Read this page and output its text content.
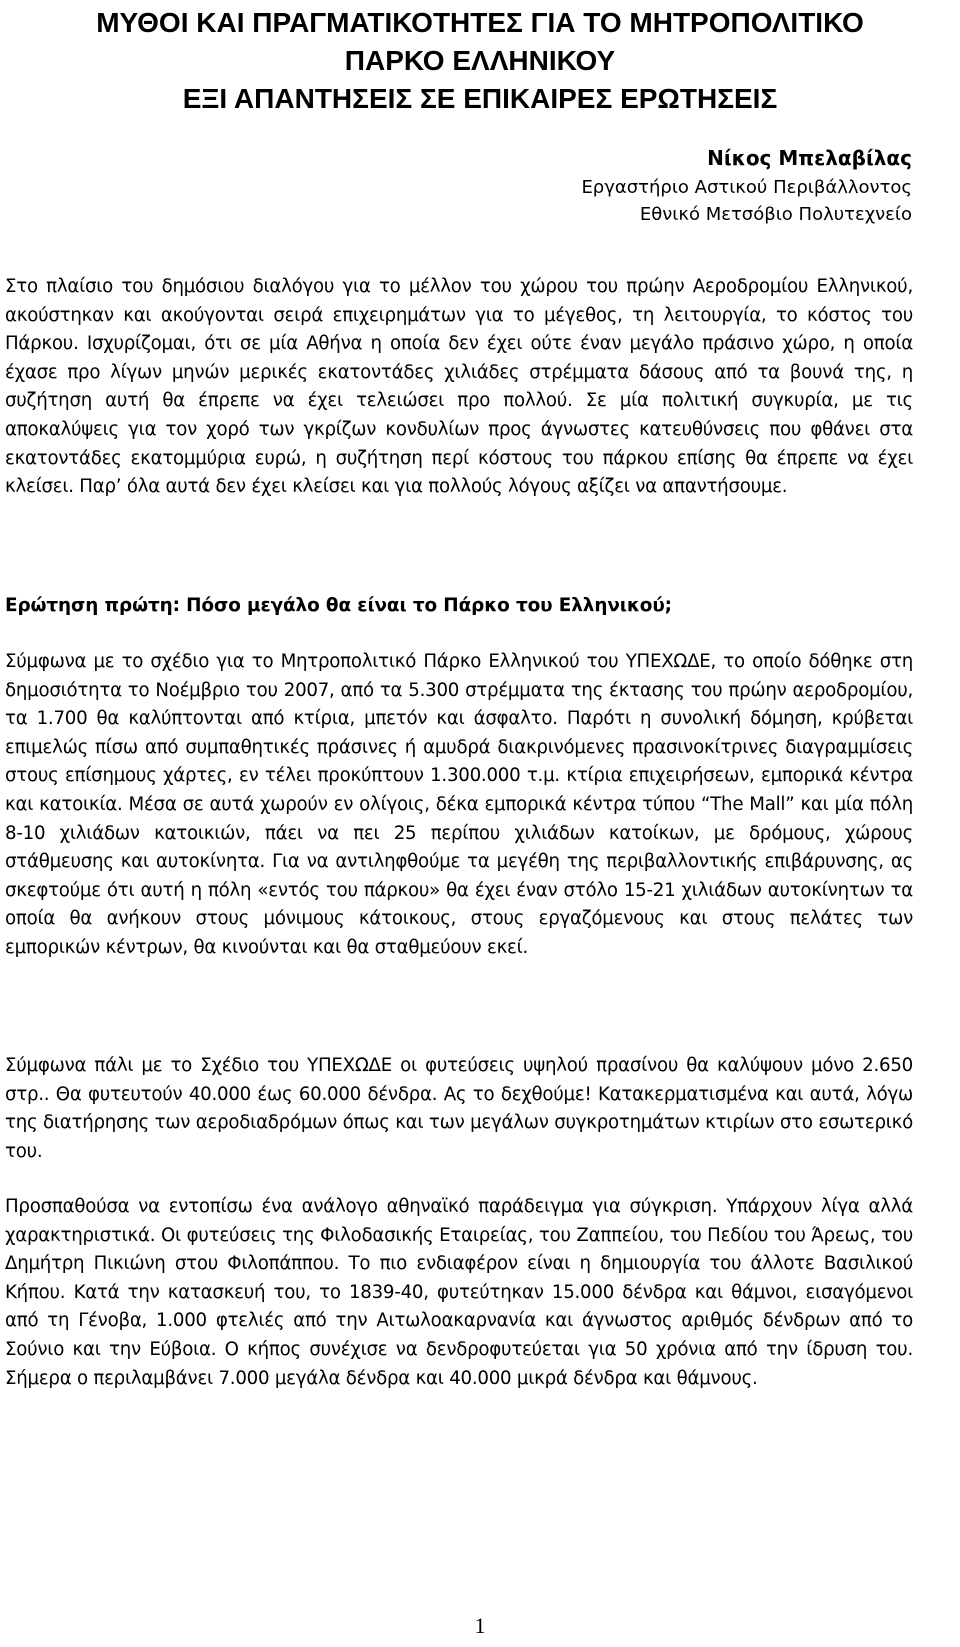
ΜΥΘΟΙ ΚΑΙ ΠΡΑΓΜΑΤΙΚΟΤΗΤΕΣ ΓΙΑ ΤΟ ΜΗΤΡΟΠΟΛΙΤΙΚΟ
ΠΑΡΚΟ ΕΛΛΗΝΙΚΟΥ
ΕΞΙ ΑΠΑΝΤΗΣΕΙΣ ΣΕ ΕΠΙΚΑΙΡΕΣ ΕΡΩΤΗΣΕΙΣ
Νίκος Μπελαβίλας
Εργαστήριο Αστικού Περιβάλλοντος
Εθνικό Μετσόβιο Πολυτεχνείο

Στο πλαίσιο του δημόσιου διαλόγου για το μέλλον του χώρου του πρώην Αεροδρομίου Ελληνικού, ακούστηκαν και ακούγονται σειρά επιχειρημάτων για το μέγεθος, τη λειτουργία, το κόστος του Πάρκου. Ισχυρίζομαι, ότι σε μία Αθήνα η οποία δεν έχει ούτε έναν μεγάλο πράσινο χώρο, η οποία έχασε προ λίγων μηνών μερικές εκατοντάδες χιλιάδες στρέμματα δάσους από τα βουνά της, η συζήτηση αυτή θα έπρεπε να έχει τελειώσει προ πολλού. Σε μία πολιτική συγκυρία, με τις αποκαλύψεις για τον χορό των γκρίζων κονδυλίων προς άγνωστες κατευθύνσεις που φθάνει στα εκατοντάδες εκατομμύρια ευρώ, η συζήτηση περί κόστους του πάρκου επίσης θα έπρεπε να έχει κλείσει. Παρ’ όλα αυτά δεν έχει κλείσει και για πολλούς λόγους αξίζει να απαντήσουμε.

Ερώτηση πρώτη: Πόσο μεγάλο θα είναι το Πάρκο του Ελληνικού;

Σύμφωνα με το σχέδιο για το Μητροπολιτικό Πάρκο Ελληνικού του ΥΠΕΧΩΔΕ, το οποίο δόθηκε στη δημοσιότητα το Νοέμβριο του 2007, από τα 5.300 στρέμματα της έκτασης του πρώην αεροδρομίου, τα 1.700 θα καλύπτονται από κτίρια, μπετόν και άσφαλτο. Παρότι η συνολική δόμηση, κρύβεται επιμελώς πίσω από συμπαθητικές πράσινες ή αμυδρά διακρινόμενες πρασινοκίτρινες διαγραμμίσεις στους επίσημους χάρτες, εν τέλει προκύπτουν 1.300.000 τ.μ. κτίρια επιχειρήσεων, εμπορικά κέντρα και κατοικία. Μέσα σε αυτά χωρούν εν ολίγοις, δέκα εμπορικά κέντρα τύπου “The Mall” και μία πόλη 8-10 χιλιάδων κατοικιών, πάει να πει 25 περίπου χιλιάδων κατοίκων, με δρόμους, χώρους στάθμευσης και αυτοκίνητα. Για να αντιληφθούμε τα μεγέθη της περιβαλλοντικής επιβάρυνσης, ας σκεφτούμε ότι αυτή η πόλη «εντός του πάρκου» θα έχει έναν στόλο 15-21 χιλιάδων αυτοκίνητων τα οποία θα ανήκουν στους μόνιμους κάτοικους, στους εργαζόμενους και στους πελάτες των εμπορικών κέντρων, θα κινούνται και θα σταθμεύουν εκεί.

Σύμφωνα πάλι με το Σχέδιο του ΥΠΕΧΩΔΕ οι φυτεύσεις υψηλού πρασίνου θα καλύψουν μόνο 2.650 στρ.. Θα φυτευτούν 40.000 έως 60.000 δένδρα. Ας το δεχθούμε! Κατακερματισμένα και αυτά, λόγω της διατήρησης των αεροδιαδρόμων όπως και των μεγάλων συγκροτημάτων κτιρίων στο εσωτερικό του.

Προσπαθούσα να εντοπίσω ένα ανάλογο αθηναϊκό παράδειγμα για σύγκριση. Υπάρχουν λίγα αλλά χαρακτηριστικά. Οι φυτεύσεις της Φιλοδασικής Εταιρείας, του Ζαππείου, του Πεδίου του Άρεως, του Δημήτρη Πικιώνη στου Φιλοπάππου. Το πιο ενδιαφέρον είναι η δημιουργία του άλλοτε Βασιλικού Κήπου. Κατά την κατασκευή του, το 1839-40, φυτεύτηκαν 15.000 δένδρα και θάμνοι, εισαγόμενοι από τη Γένοβα, 1.000 φτελιές από την Αιτωλοακαρνανία και άγνωστος αριθμός δένδρων από το Σούνιο και την Εύβοια. Ο κήπος συνέχισε να δενδροφυτεύεται για 50 χρόνια από την ίδρυση του. Σήμερα ο περιλαμβάνει 7.000 μεγάλα δένδρα και 40.000 μικρά δένδρα και θάμνους.

1
